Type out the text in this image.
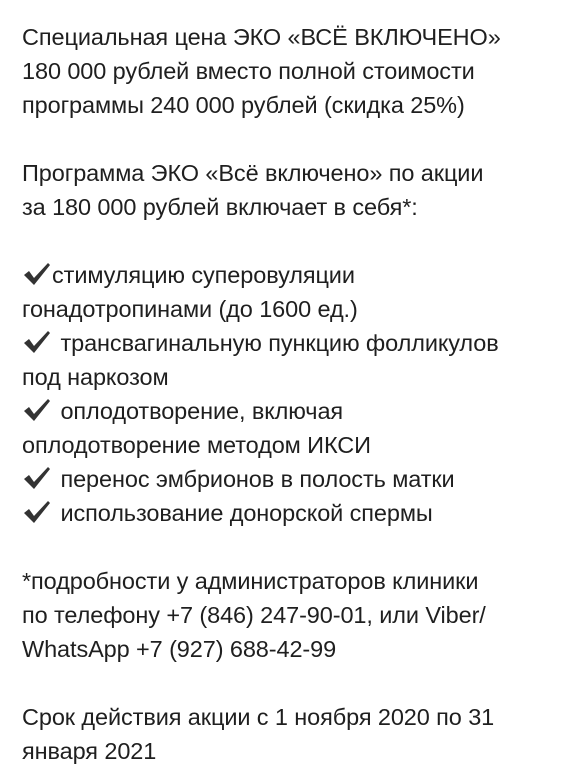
Специальная цена ЭКО «ВСЁ ВКЛЮЧЕНО»
180 000 рублей вместо полной стоимости
программы 240 000 рублей (скидка 25%)
Программа ЭКО «Всё включено» по акции
за 180 000 рублей включает в себя*:
стимуляцию суперовуляции
гонадотропинами (до 1600 ед.)
трансвагинальную пункцию фолликулов
под наркозом
оплодотворение, включая
оплодотворение методом ИКСИ
перенос эмбрионов в полость матки
использование донорской спермы
*подробности у администраторов клиники
по телефону +7 (846) 247-90-01, или Viber/
WhatsApp +7 (927) 688-42-99
Срок действия акции с 1 ноября 2020 по 31
января 2021
